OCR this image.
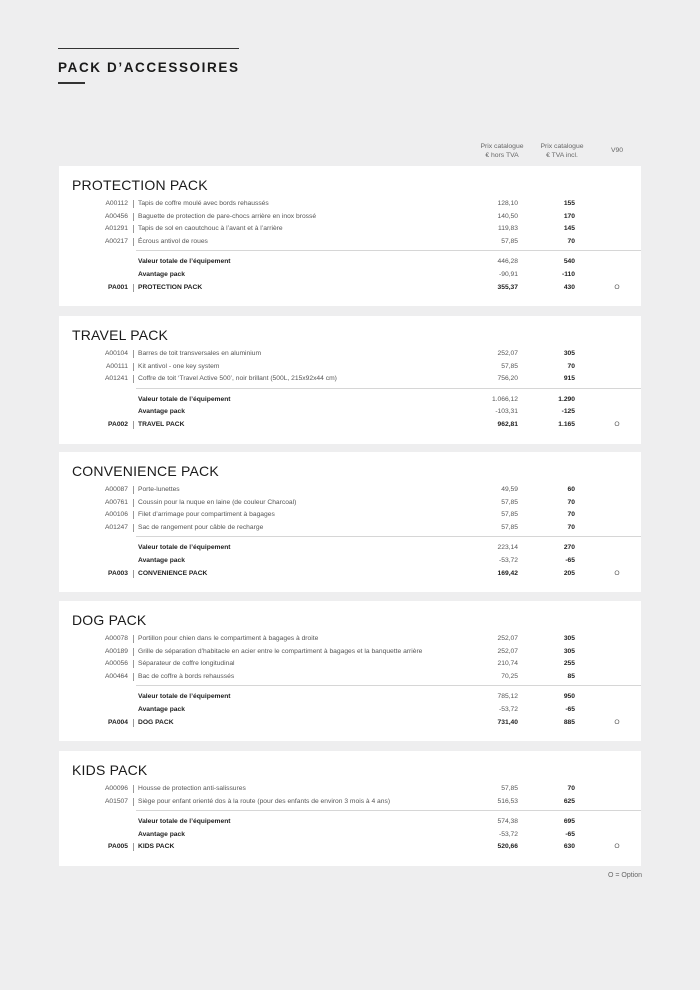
PACK D’ACCESSOIRES
Prix catalogue
€ hors TVA
Prix catalogue
€ TVA incl.
V90
PROTECTION PACK
A00112 Tapis de coffre moulé avec bords rehaussés	128,10	155
A00456 Baguette de protection de pare-chocs arrière en inox brossé	140,50	170
A01291 Tapis de sol en caoutchouc à l’avant et à l’arrière	119,83	145
A00217 Écrous antivol de roues	57,85	70
Valeur totale de l’équipement	446,28	540
Avantage pack	-90,91	-110
PA001 PROTECTION PACK	355,37	430	O
TRAVEL PACK
A00104 Barres de toit transversales en aluminium	252,07	305
A00111 Kit antivol - one key system	57,85	70
A01241 Coffre de toit ‘Travel Active 500’, noir brillant (500L, 215x92x44 cm)	756,20	915
Valeur totale de l’équipement	1.066,12	1.290
Avantage pack	-103,31	-125
PA002 TRAVEL PACK	962,81	1.165	O
CONVENIENCE PACK
A00087 Porte-lunettes	49,59	60
A00761 Coussin pour la nuque en laine (de couleur Charcoal)	57,85	70
A00106 Filet d’arrimage pour compartiment à bagages	57,85	70
A01247 Sac de rangement pour câble de recharge	57,85	70
Valeur totale de l’équipement	223,14	270
Avantage pack	-53,72	-65
PA003 CONVENIENCE PACK	169,42	205	O
DOG PACK
A00078 Portillon pour chien dans le compartiment à bagages à droite	252,07	305
A00189 Grille de séparation d’habitacle en acier entre le compartiment à bagages et la banquette arrière	252,07	305
A00056 Séparateur de coffre longitudinal	210,74	255
A00464 Bac de coffre à bords rehaussés	70,25	85
Valeur totale de l’équipement	785,12	950
Avantage pack	-53,72	-65
PA004 DOG PACK	731,40	885	O
KIDS PACK
A00096 Housse de protection anti-salissures	57,85	70
A01507 Siège pour enfant orienté dos à la route (pour des enfants de environ 3 mois à 4 ans)	516,53	625
Valeur totale de l’équipement	574,38	695
Avantage pack	-53,72	-65
PA005 KIDS PACK	520,66	630	O
O = Option
